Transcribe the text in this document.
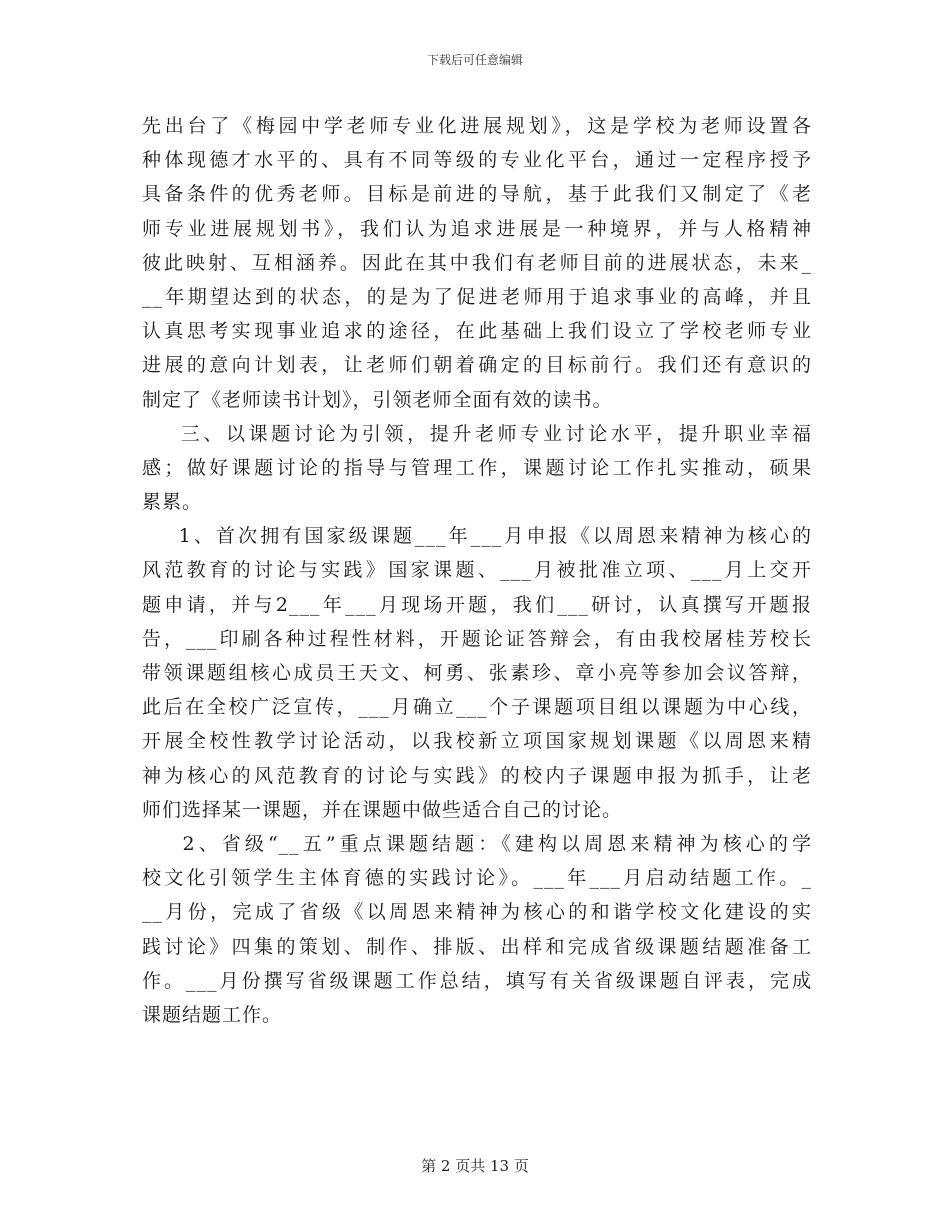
下载后可任意编辑
先出台了《梅园中学老师专业化进展规划》，这是学校为老师设置各
种体现德才水平的、具有不同等级的专业化平台，通过一定程序授予
具备条件的优秀老师。目标是前进的导航，基于此我们又制定了《老
师专业进展规划书》，我们认为追求进展是一种境界，并与人格精神
彼此映射、互相涵养。因此在其中我们有老师目前的进展状态，未来_
__年期望达到的状态，的是为了促进老师用于追求事业的高峰，并且
认真思考实现事业追求的途径，在此基础上我们设立了学校老师专业
进展的意向计划表，让老师们朝着确定的目标前行。我们还有意识的
制定了《老师读书计划》，引领老师全面有效的读书。
三、以课题讨论为引领，提升老师专业讨论水平，提升职业幸福
感；做好课题讨论的指导与管理工作，课题讨论工作扎实推动，硕果
累累。
1、首次拥有国家级课题___年___月申报《以周恩来精神为核心的
风范教育的讨论与实践》国家课题、___月被批准立项、___月上交开
题申请，并与2___年___月现场开题，我们___研讨，认真撰写开题报
告，___印刷各种过程性材料，开题论证答辩会，有由我校屠桂芳校长
带领课题组核心成员王天文、柯勇、张素珍、章小亮等参加会议答辩，
此后在全校广泛宣传，___月确立___个子课题项目组以课题为中心线，
开展全校性教学讨论活动，以我校新立项国家规划课题《以周恩来精
神为核心的风范教育的讨论与实践》的校内子课题申报为抓手，让老
师们选择某一课题，并在课题中做些适合自己的讨论。
2、省级“__五”重点课题结题：《建构以周恩来精神为核心的学
校文化引领学生主体育德的实践讨论》。___年___月启动结题工作。_
__月份，完成了省级《以周恩来精神为核心的和谐学校文化建设的实
践讨论》四集的策划、制作、排版、出样和完成省级课题结题准备工
作。___月份撰写省级课题工作总结，填写有关省级课题自评表，完成
课题结题工作。
第 2 页共 13 页
